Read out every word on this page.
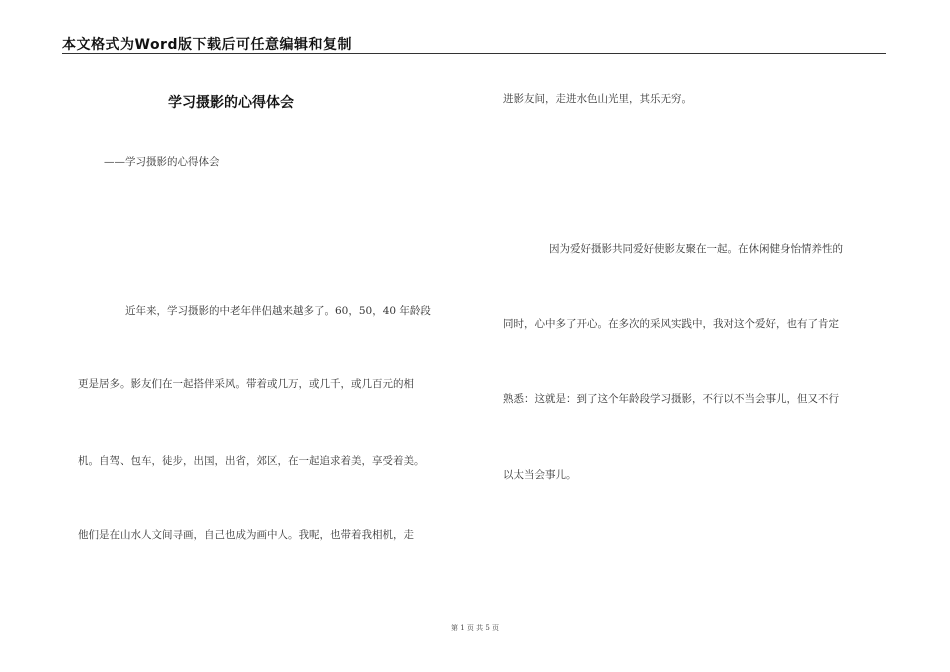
本文格式为Word版下载后可任意编辑和复制
学习摄影的心得体会
——学习摄影的心得体会
近年来，学习摄影的中老年伴侣越来越多了。60，50，40 年龄段
更是居多。影友们在一起搭伴采风。带着或几万，或几千，或几百元的相
机。自驾、包车，徒步，出国，出省，郊区，在一起追求着美，享受着美。
他们是在山水人文间寻画，自己也成为画中人。我呢，也带着我相机，走
进影友间，走进水色山光里，其乐无穷。
因为爱好摄影共同爱好使影友聚在一起。在休闲健身怡情养性的
同时，心中多了开心。在多次的采风实践中，我对这个爱好，也有了肯定
熟悉：这就是：到了这个年龄段学习摄影，不行以不当会事儿，但又不行
以太当会事儿。
第 1 页 共 5 页
